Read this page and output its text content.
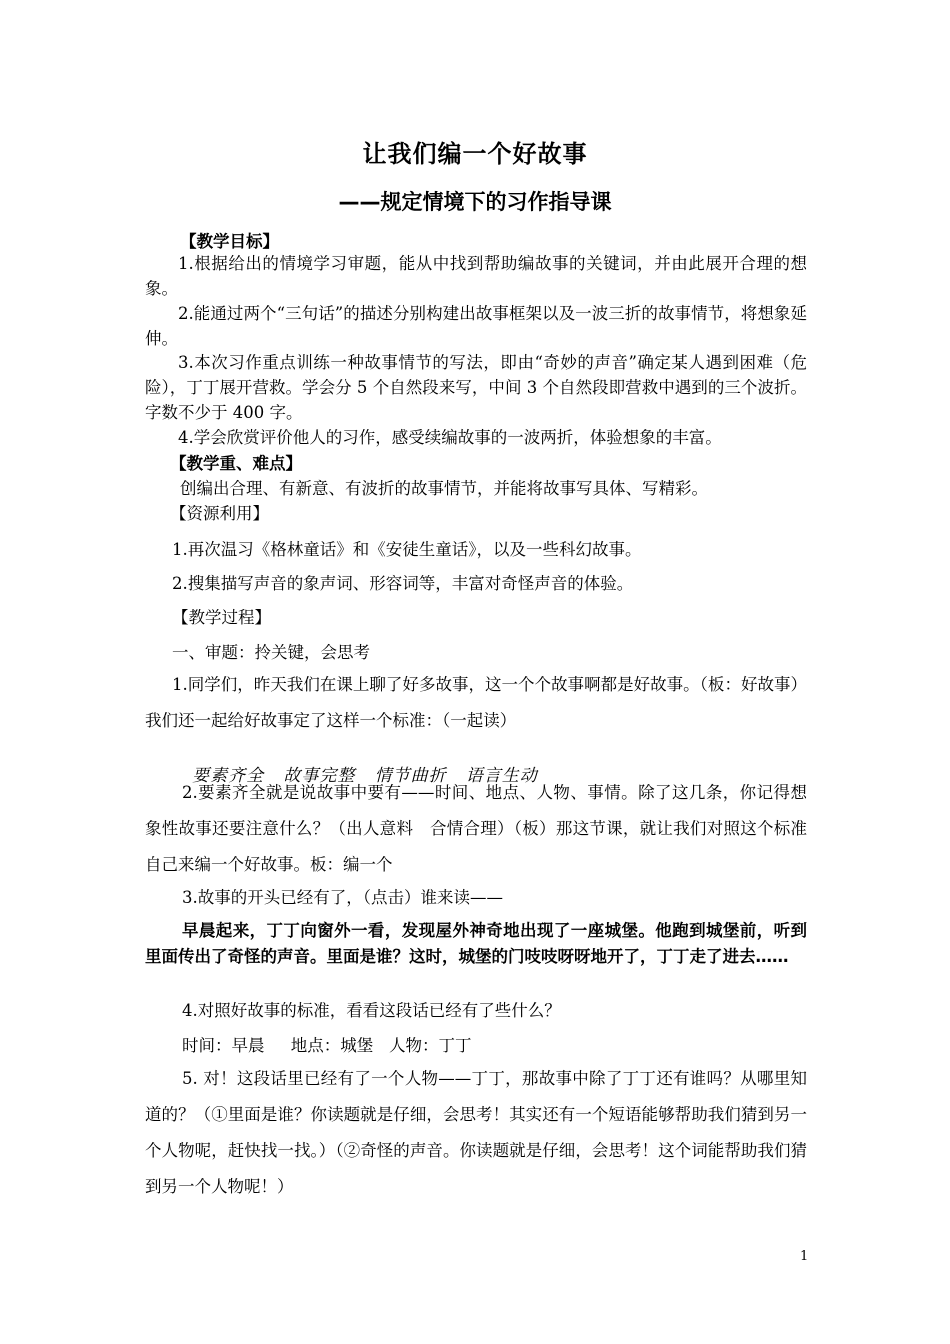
让我们编一个好故事
——规定情境下的习作指导课
【教学目标】
1.根据给出的情境学习审题，能从中找到帮助编故事的关键词，并由此展开合理的想象。
2.能通过两个“三句话”的描述分别构建出故事框架以及一波三折的故事情节，将想象延伸。
3.本次习作重点训练一种故事情节的写法，即由“奇妙的声音”确定某人遇到困难（危险），丁丁展开营救。学会分 5 个自然段来写，中间 3 个自然段即营救中遇到的三个波折。字数不少于 400 字。
4.学会欣赏评价他人的习作，感受续编故事的一波两折，体验想象的丰富。
【教学重、难点】
创编出合理、有新意、有波折的故事情节，并能将故事写具体、写精彩。
【资源利用】
1.再次温习《格林童话》和《安徒生童话》，以及一些科幻故事。
2.搜集描写声音的象声词、形容词等，丰富对奇怪声音的体验。
【教学过程】
一、审题：拎关键，会思考
1.同学们，昨天我们在课上聊了好多故事，这一个个故事啊都是好故事。（板：好故事）我们还一起给好故事定了这样一个标准：（一起读）

要素齐全   故事完整   情节曲折   语言生动

2.要素齐全就是说故事中要有——时间、地点、人物、事情。除了这几条，你记得想象性故事还要注意什么？（出人意料　合情合理）（板）那这节课，就让我们对照这个标准自己来编一个好故事。板：编一个
3.故事的开头已经有了，（点击）谁来读——
早晨起来，丁丁向窗外一看，发现屋外神奇地出现了一座城堡。他跑到城堡前，听到里面传出了奇怪的声音。里面是谁？这时，城堡的门吱吱呀呀地开了，丁丁走了进去……
4.对照好故事的标准，看看这段话已经有了些什么？
时间：早晨     地点：城堡   人物：丁丁
5. 对！这段话里已经有了一个人物——丁丁，那故事中除了丁丁还有谁吗？从哪里知道的？（①里面是谁？你读题就是仔细，会思考！其实还有一个短语能够帮助我们猜到另一个人物呢，赶快找一找。）（②奇怪的声音。你读题就是仔细，会思考！这个词能帮助我们猜到另一个人物呢！）
1
